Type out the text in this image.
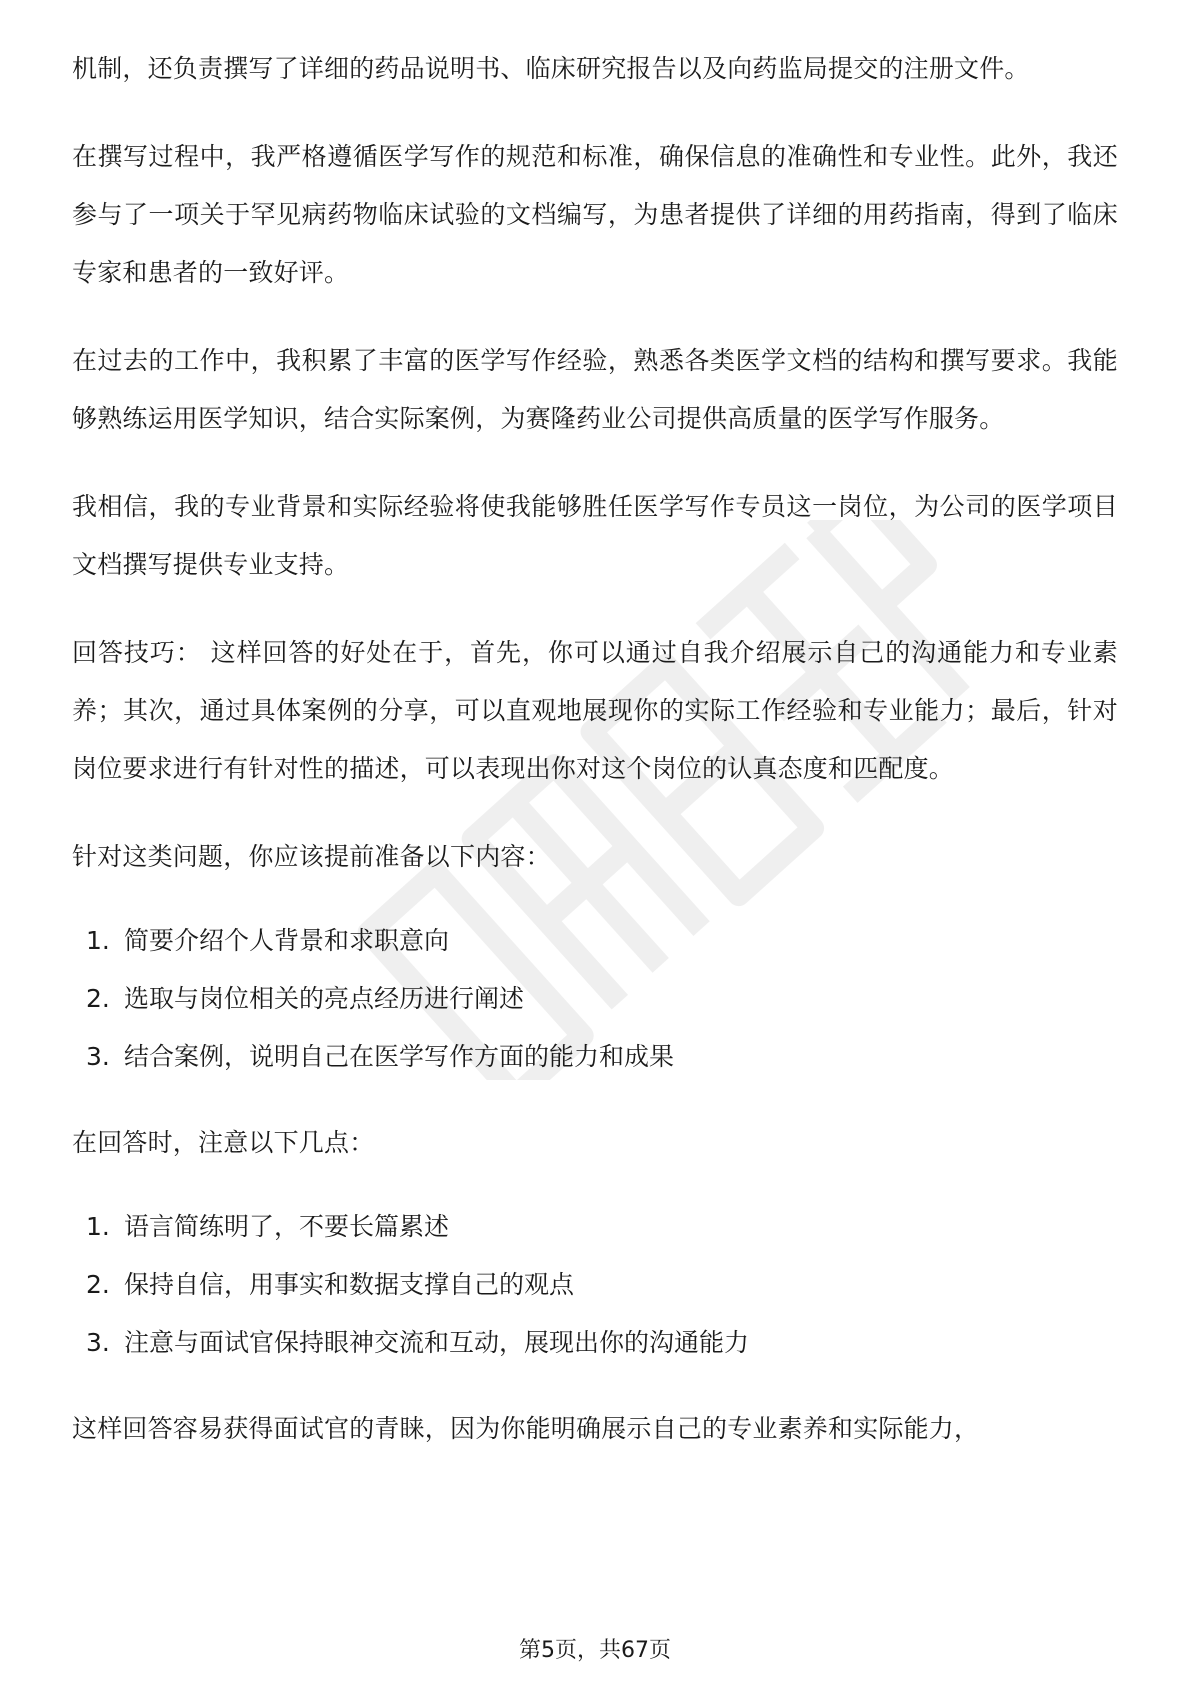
机制，还负责撰写了详细的药品说明书、临床研究报告以及向药监局提交的注册文件。

在撰写过程中，我严格遵循医学写作的规范和标准，确保信息的准确性和专业性。此外，我还参与了一项关于罕见病药物临床试验的文档编写，为患者提供了详细的用药指南，得到了临床专家和患者的一致好评。

在过去的工作中，我积累了丰富的医学写作经验，熟悉各类医学文档的结构和撰写要求。我能够熟练运用医学知识，结合实际案例，为赛隆药业公司提供高质量的医学写作服务。

我相信，我的专业背景和实际经验将使我能够胜任医学写作专员这一岗位，为公司的医学项目文档撰写提供专业支持。

回答技巧： 这样回答的好处在于，首先，你可以通过自我介绍展示自己的沟通能力和专业素养；其次，通过具体案例的分享，可以直观地展现你的实际工作经验和专业能力；最后，针对岗位要求进行有针对性的描述，可以表现出你对这个岗位的认真态度和匹配度。

针对这类问题，你应该提前准备以下内容：

1. 简要介绍个人背景和求职意向
2. 选取与岗位相关的亮点经历进行阐述
3. 结合案例，说明自己在医学写作方面的能力和成果

在回答时，注意以下几点：

1. 语言简练明了，不要长篇累述
2. 保持自信，用事实和数据支撑自己的观点
3. 注意与面试官保持眼神交流和互动，展现出你的沟通能力

这样回答容易获得面试官的青睐，因为你能明确展示自己的专业素养和实际能力，

第5页，共67页
